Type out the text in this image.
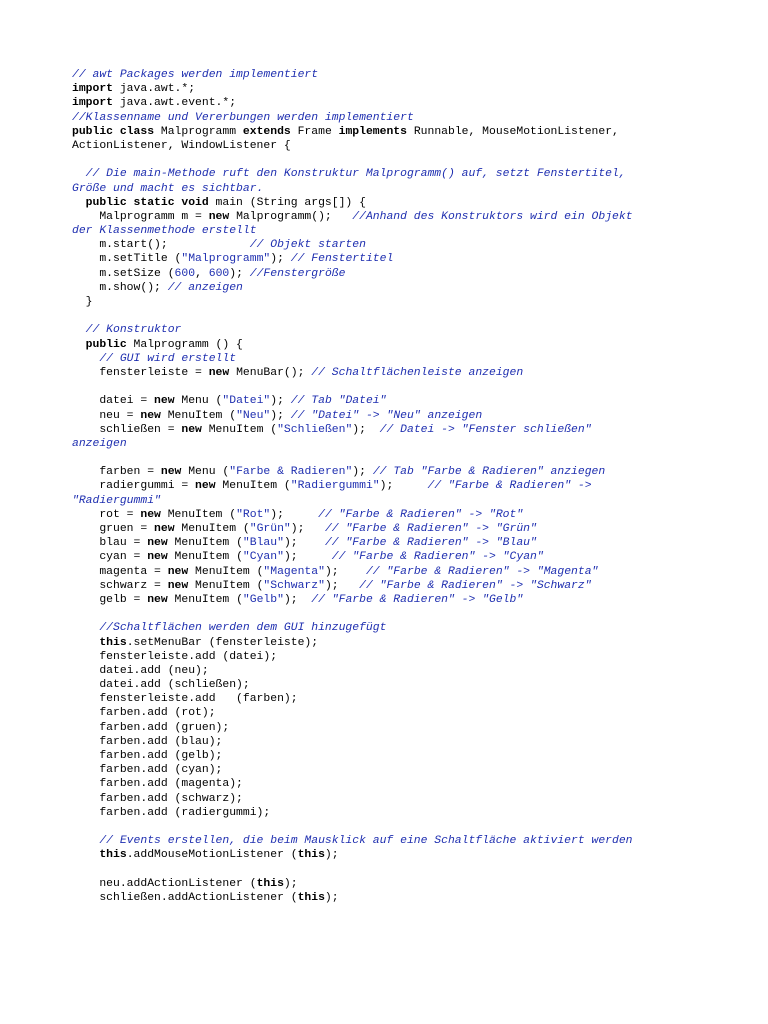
// awt Packages werden implementiert
import java.awt.*;
import java.awt.event.*;
//Klassenname und Vererbungen werden implementiert
public class Malprogramm extends Frame implements Runnable, MouseMotionListener,
ActionListener, WindowListener {
// Die main-Methode ruft den Konstruktur Malprogramm() auf, setzt Fenstertitel,
Größe und macht es sichtbar.
public static void main (String args[]) {
Malprogramm m = new Malprogramm();   //Anhand des Konstruktors wird ein Objekt
der Klassenmethode erstellt
m.start();            // Objekt starten
m.setTitle ("Malprogramm"); // Fenstertitel
m.setSize (600, 600); //Fenstergröße
m.show(); // anzeigen
}
// Konstruktor
public Malprogramm () {
// GUI wird erstellt
fensterleiste = new MenuBar(); // Schaltflächenleiste anzeigen
datei = new Menu ("Datei"); // Tab "Datei"
neu = new MenuItem ("Neu"); // "Datei" -> "Neu" anzeigen
schließen = new MenuItem ("Schließen");  // Datei -> "Fenster schließen"
anzeigen
farben = new Menu ("Farbe & Radieren"); // Tab "Farbe & Radieren" anziegen
radiergummi = new MenuItem ("Radiergummi");     // "Farbe & Radieren" ->
"Radiergummi"
rot = new MenuItem ("Rot");     // "Farbe & Radieren" -> "Rot"
gruen = new MenuItem ("Grün");   // "Farbe & Radieren" -> "Grün"
blau = new MenuItem ("Blau");    // "Farbe & Radieren" -> "Blau"
cyan = new MenuItem ("Cyan");     // "Farbe & Radieren" -> "Cyan"
magenta = new MenuItem ("Magenta");    // "Farbe & Radieren" -> "Magenta"
schwarz = new MenuItem ("Schwarz");   // "Farbe & Radieren" -> "Schwarz"
gelb = new MenuItem ("Gelb");  // "Farbe & Radieren" -> "Gelb"
//Schaltflächen werden dem GUI hinzugefügt
this.setMenuBar (fensterleiste);
fensterleiste.add (datei);
datei.add (neu);
datei.add (schließen);
fensterleiste.add   (farben);
farben.add (rot);
farben.add (gruen);
farben.add (blau);
farben.add (gelb);
farben.add (cyan);
farben.add (magenta);
farben.add (schwarz);
farben.add (radiergummi);
// Events erstellen, die beim Mausklick auf eine Schaltfläche aktiviert werden
this.addMouseMotionListener (this);
neu.addActionListener (this);
schließen.addActionListener (this);
